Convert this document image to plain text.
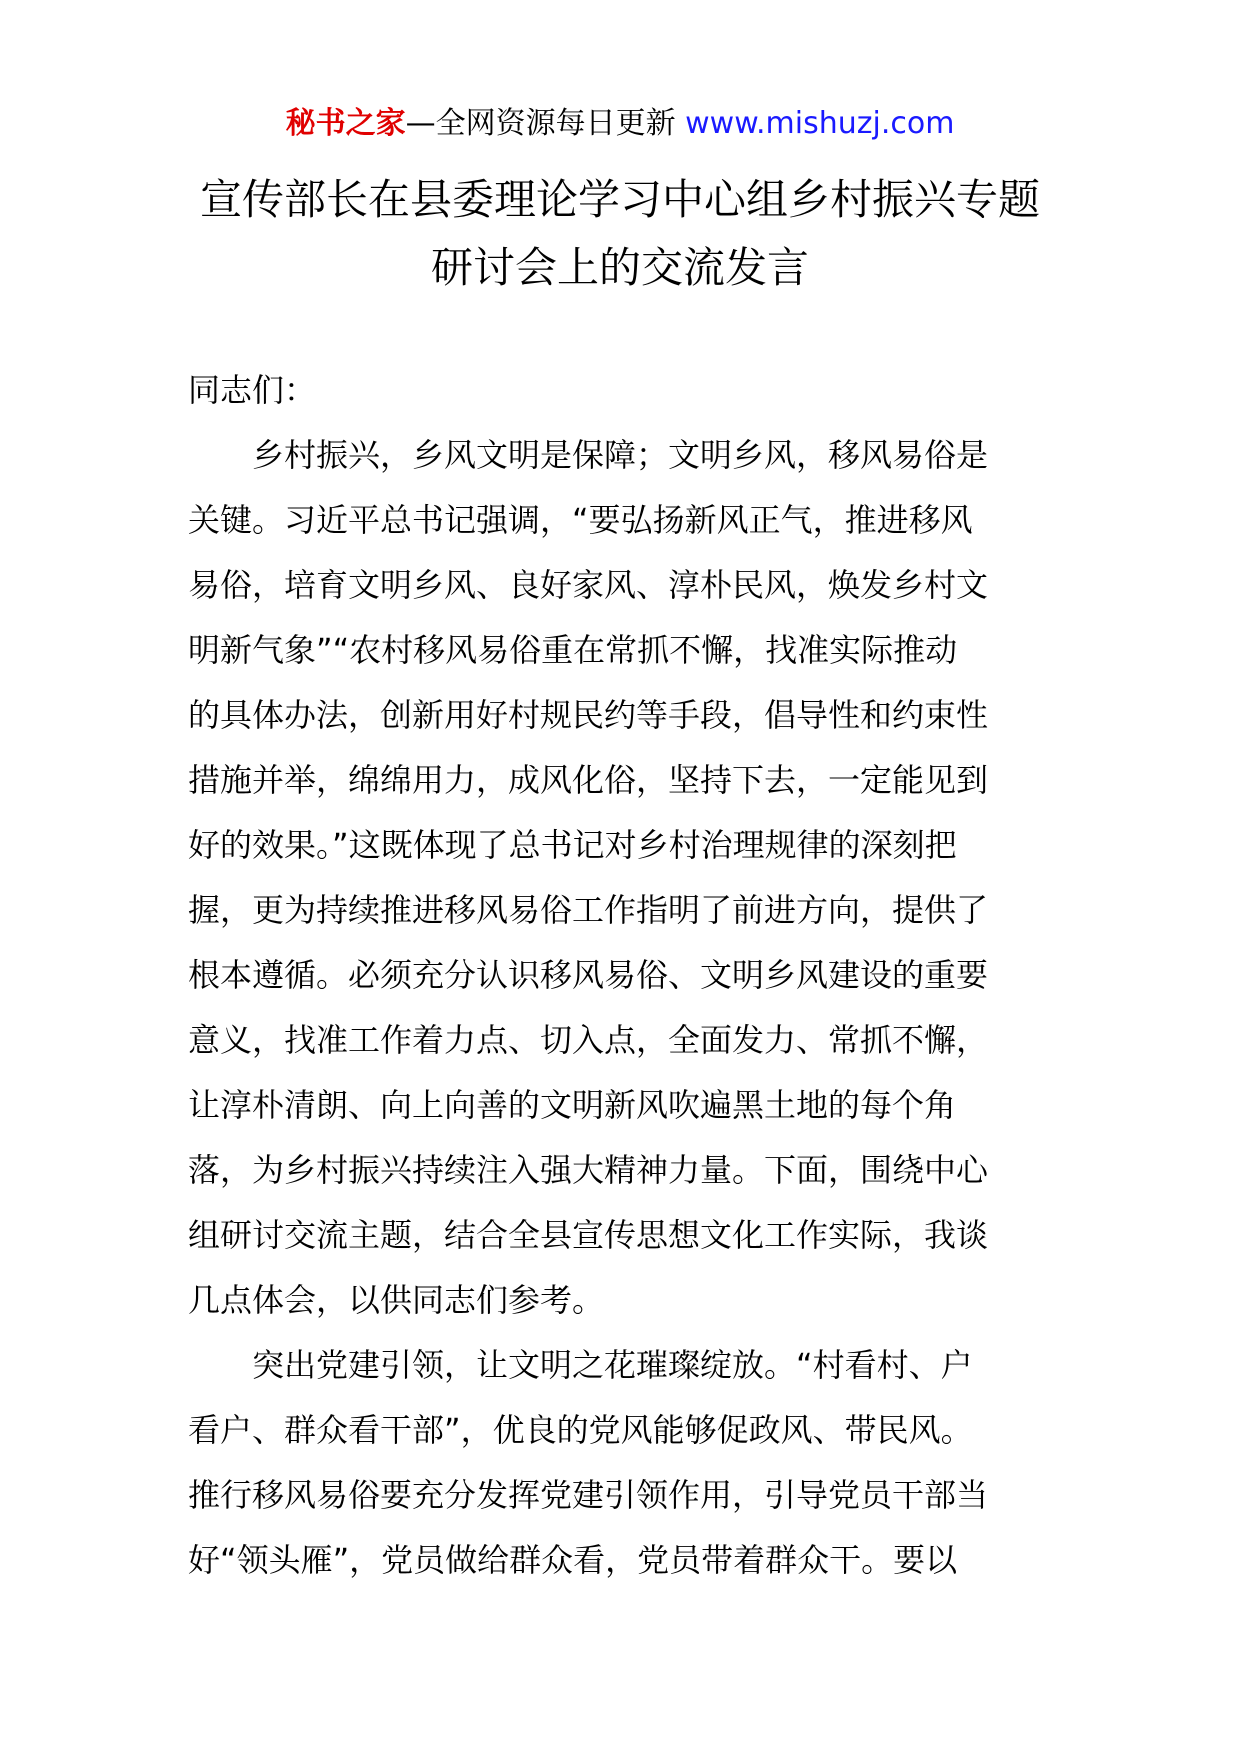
秘书之家—全网资源每日更新 www.mishuzj.com
宣传部长在县委理论学习中心组乡村振兴专题
研讨会上的交流发言
同志们：
　　乡村振兴，乡风文明是保障；文明乡风，移风易俗是
关键。习近平总书记强调，“要弘扬新风正气，推进移风
易俗，培育文明乡风、良好家风、淳朴民风，焕发乡村文
明新气象”“农村移风易俗重在常抓不懈，找准实际推动
的具体办法，创新用好村规民约等手段，倡导性和约束性
措施并举，绵绵用力，成风化俗，坚持下去，一定能见到
好的效果。”这既体现了总书记对乡村治理规律的深刻把
握，更为持续推进移风易俗工作指明了前进方向，提供了
根本遵循。必须充分认识移风易俗、文明乡风建设的重要
意义，找准工作着力点、切入点，全面发力、常抓不懈，
让淳朴清朗、向上向善的文明新风吹遍黑土地的每个角
落，为乡村振兴持续注入强大精神力量。下面，围绕中心
组研讨交流主题，结合全县宣传思想文化工作实际，我谈
几点体会，以供同志们参考。
　　突出党建引领，让文明之花璀璨绽放。“村看村、户
看户、群众看干部”，优良的党风能够促政风、带民风。
推行移风易俗要充分发挥党建引领作用，引导党员干部当
好“领头雁”，党员做给群众看，党员带着群众干。要以
